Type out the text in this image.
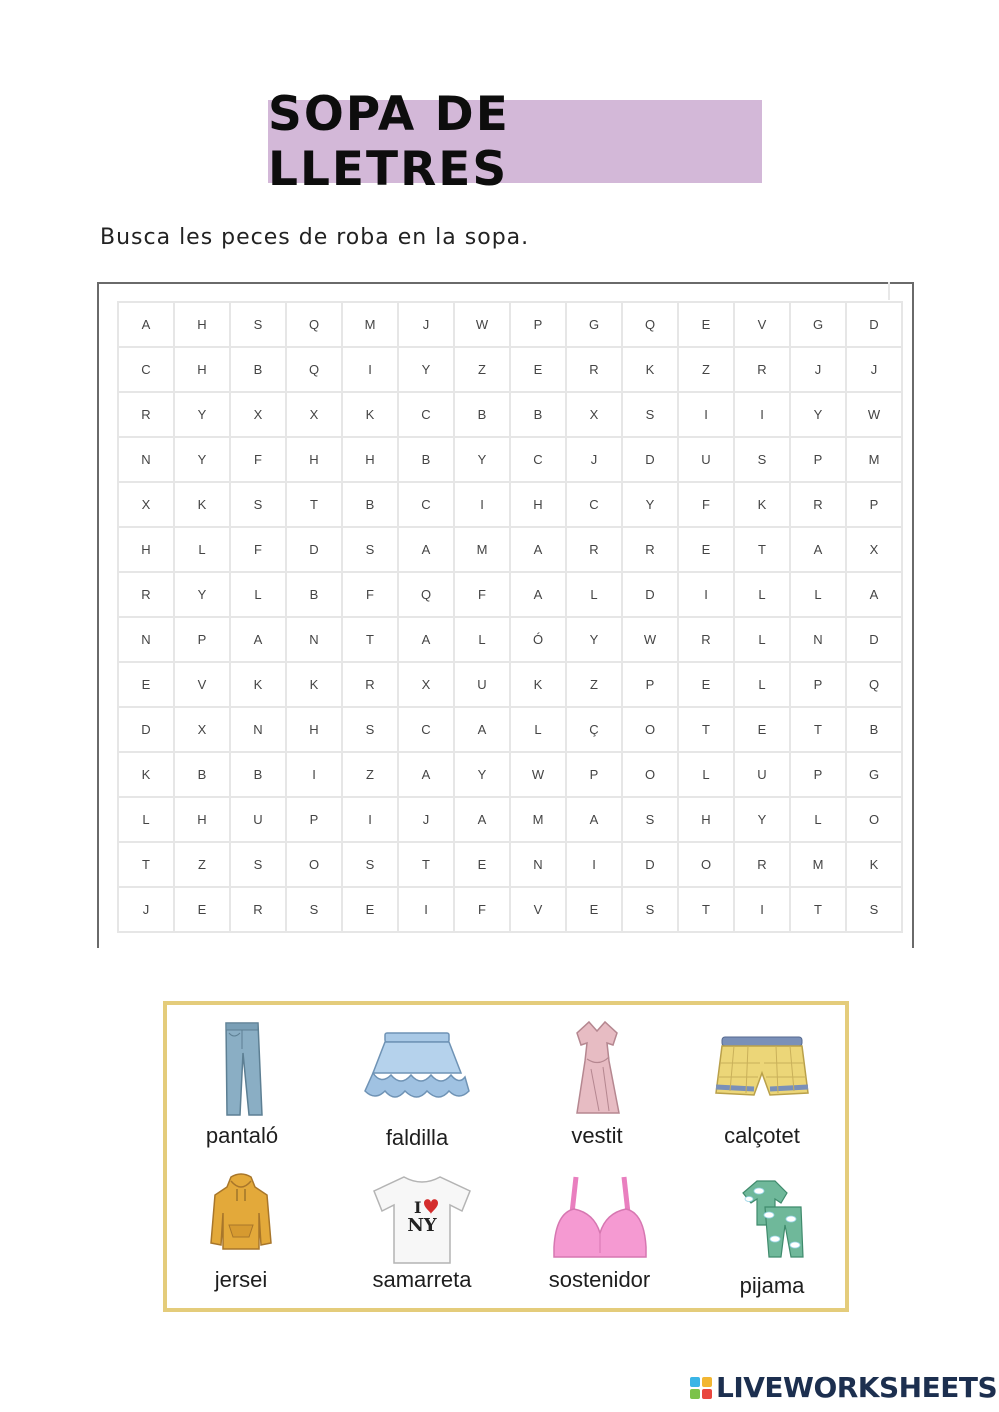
SOPA DE LLETRES
Busca les peces de roba en la sopa.
A	H	S	Q	M	J	W	P	G	Q	E	V	G	D
C	H	B	Q	I	Y	Z	E	R	K	Z	R	J	J
R	Y	X	X	K	C	B	B	X	S	I	I	Y	W
N	Y	F	H	H	B	Y	C	J	D	U	S	P	M
X	K	S	T	B	C	I	H	C	Y	F	K	R	P
H	L	F	D	S	A	M	A	R	R	E	T	A	X
R	Y	L	B	F	Q	F	A	L	D	I	L	L	A
N	P	A	N	T	A	L	Ó	Y	W	R	L	N	D
E	V	K	K	R	X	U	K	Z	P	E	L	P	Q
D	X	N	H	S	C	A	L	Ç	O	T	E	T	B
K	B	B	I	Z	A	Y	W	P	O	L	U	P	G
L	H	U	P	I	J	A	M	A	S	H	Y	L	O
T	Z	S	O	S	T	E	N	I	D	O	R	M	K
J	E	R	S	E	I	F	V	E	S	T	I	T	S
pantaló	faldilla	vestit	calçotet
jersei
I
NY
samarreta	sostenidor	pijama
LIVEWORKSHEETS
